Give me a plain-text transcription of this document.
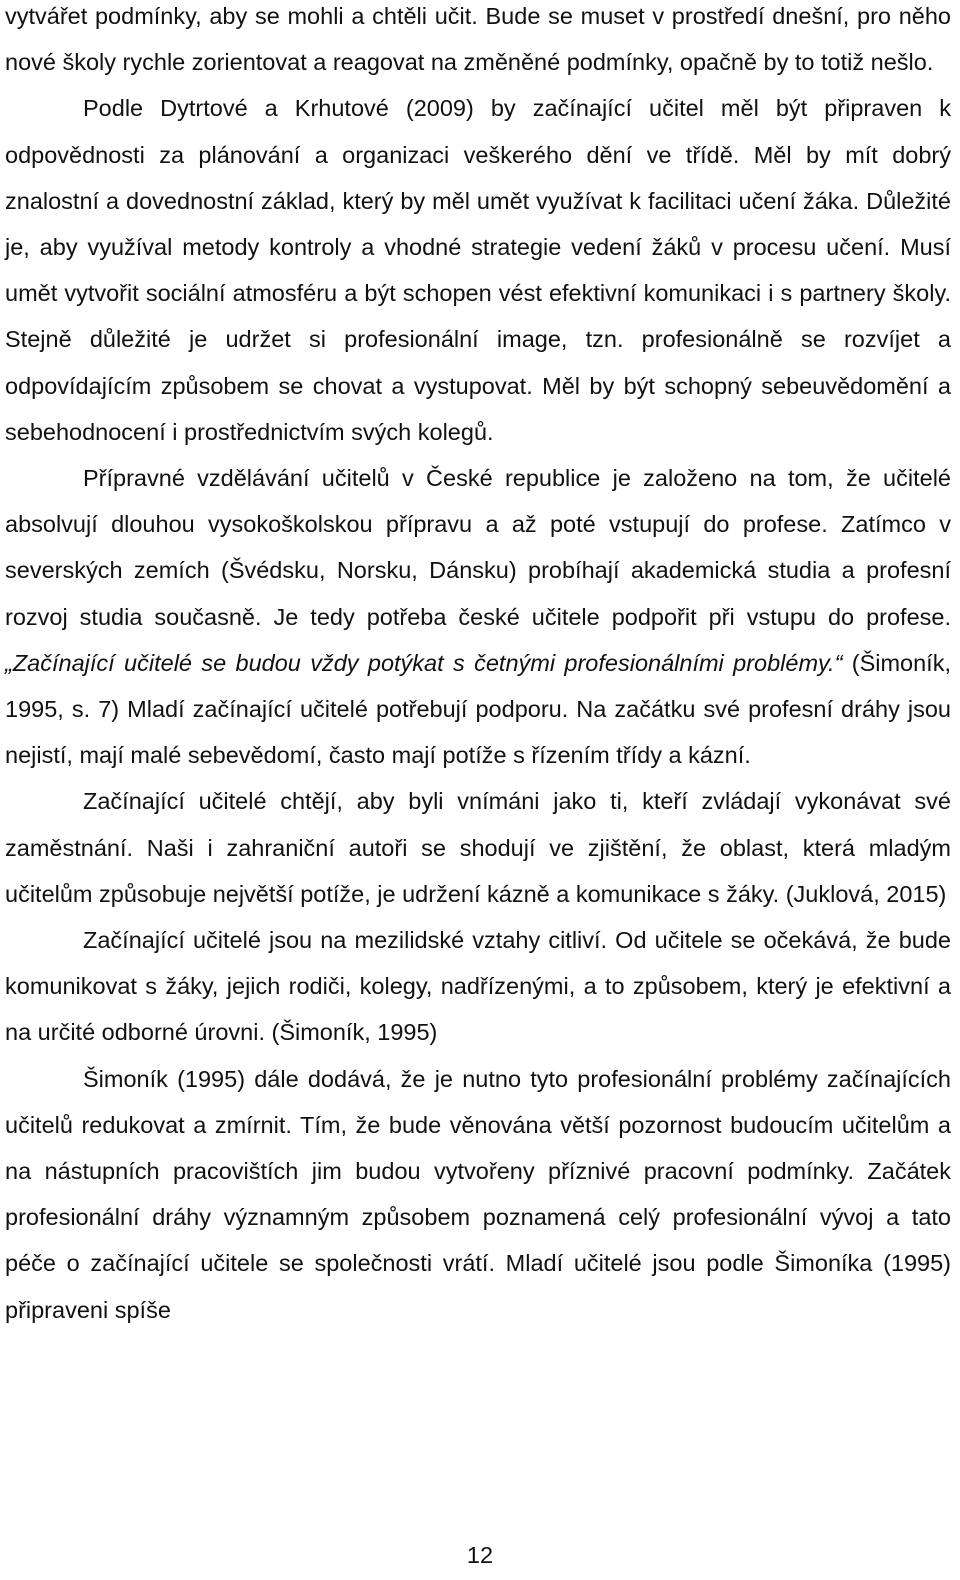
vytvářet podmínky, aby se mohli a chtěli učit. Bude se muset v prostředí dnešní, pro něho nové školy rychle zorientovat a reagovat na změněné podmínky, opačně by to totiž nešlo.

Podle Dytrtové a Krhutové (2009) by začínající učitel měl být připraven k odpovědnosti za plánování a organizaci veškerého dění ve třídě. Měl by mít dobrý znalostní a dovednostní základ, který by měl umět využívat k facilitaci učení žáka. Důležité je, aby využíval metody kontroly a vhodné strategie vedení žáků v procesu učení. Musí umět vytvořit sociální atmosféru a být schopen vést efektivní komunikaci i s partnery školy. Stejně důležité je udržet si profesionální image, tzn. profesionálně se rozvíjet a odpovídajícím způsobem se chovat a vystupovat. Měl by být schopný sebeuvědomění a sebehodnocení i prostřednictvím svých kolegů.

Přípravné vzdělávání učitelů v České republice je založeno na tom, že učitelé absolvují dlouhou vysokoškolskou přípravu a až poté vstupují do profese. Zatímco v severských zemích (Švédsku, Norsku, Dánsku) probíhají akademická studia a profesní rozvoj studia současně. Je tedy potřeba české učitele podpořit při vstupu do profese. „Začínající učitelé se budou vždy potýkat s četnými profesionálními problémy.“ (Šimoník, 1995, s. 7) Mladí začínající učitelé potřebují podporu. Na začátku své profesní dráhy jsou nejistí, mají malé sebevědomí, často mají potíže s řízením třídy a kázní.

Začínající učitelé chtějí, aby byli vnímáni jako ti, kteří zvládají vykonávat své zaměstnání. Naši i zahraniční autoři se shodují ve zjištění, že oblast, která mladým učitelům způsobuje největší potíže, je udržení kázně a komunikace s žáky. (Juklová, 2015)

Začínající učitelé jsou na mezilidské vztahy citliví. Od učitele se očekává, že bude komunikovat s žáky, jejich rodiči, kolegy, nadřízenými, a to způsobem, který je efektivní a na určité odborné úrovni. (Šimoník, 1995)

Šimoník (1995) dále dodává, že je nutno tyto profesionální problémy začínajících učitelů redukovat a zmírnit. Tím, že bude věnována větší pozornost budoucím učitelům a na nástupních pracovištích jim budou vytvořeny příznivé pracovní podmínky. Začátek profesionální dráhy významným způsobem poznamená celý profesionální vývoj a tato péče o začínající učitele se společnosti vrátí. Mladí učitelé jsou podle Šimoníka (1995) připraveni spíše

12
